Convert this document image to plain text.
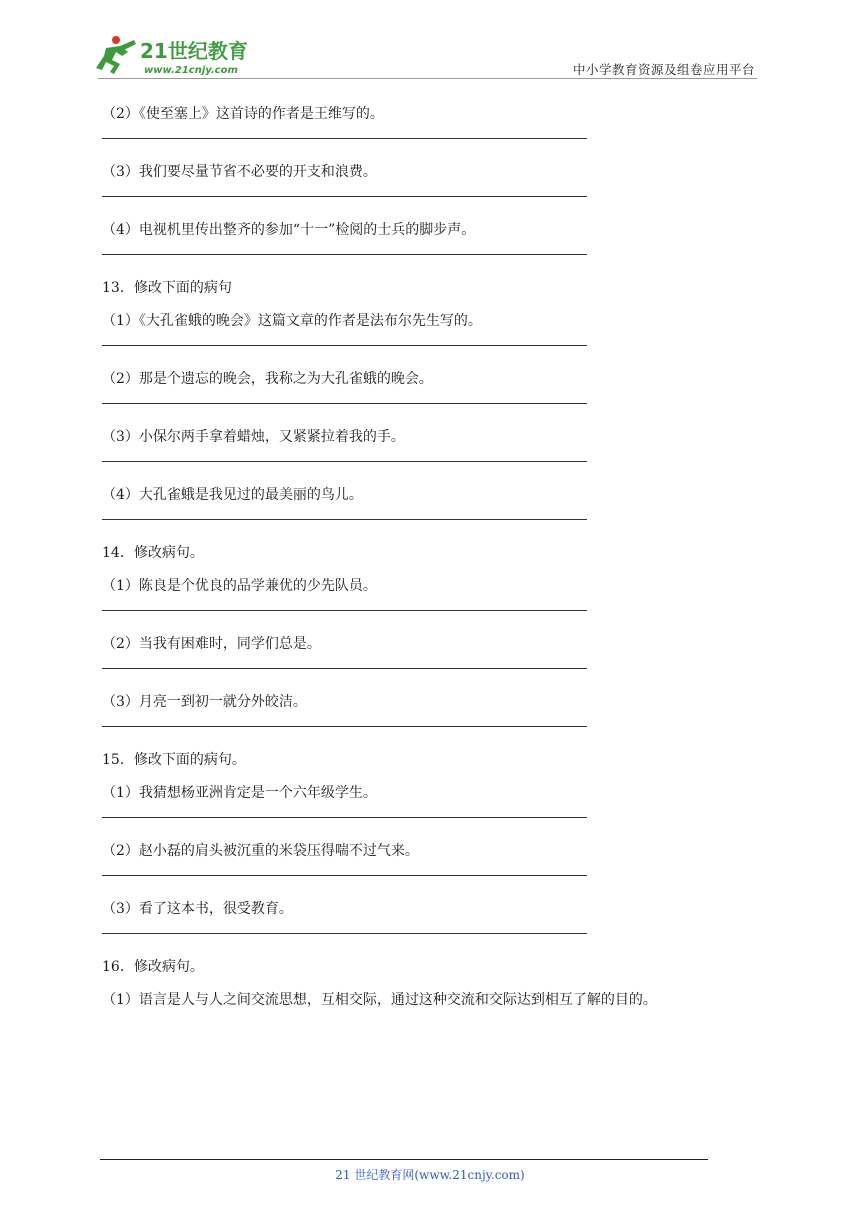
21世纪教育
www.21cnjy.com	中小学教育资源及组卷应用平台

（2）《使至塞上》这首诗的作者是王维写的。

（3）我们要尽量节省不必要的开支和浪费。

（4）电视机里传出整齐的参加“十一”检阅的士兵的脚步声。

13．修改下面的病句

（1）《大孔雀蛾的晚会》这篇文章的作者是法布尔先生写的。

（2）那是个遗忘的晚会，我称之为大孔雀蛾的晚会。

（3）小保尔两手拿着蜡烛，又紧紧拉着我的手。

（4）大孔雀蛾是我见过的最美丽的鸟儿。

14．修改病句。

（1）陈良是个优良的品学兼优的少先队员。

（2）当我有困难时，同学们总是。

（3）月亮一到初一就分外皎洁。

15．修改下面的病句。

（1）我猜想杨亚洲肯定是一个六年级学生。

（2）赵小磊的肩头被沉重的米袋压得喘不过气来。

（3）看了这本书，很受教育。

16．修改病句。

（1）语言是人与人之间交流思想，互相交际，通过这种交流和交际达到相互了解的目的。

21 世纪教育网(www.21cnjy.com)
